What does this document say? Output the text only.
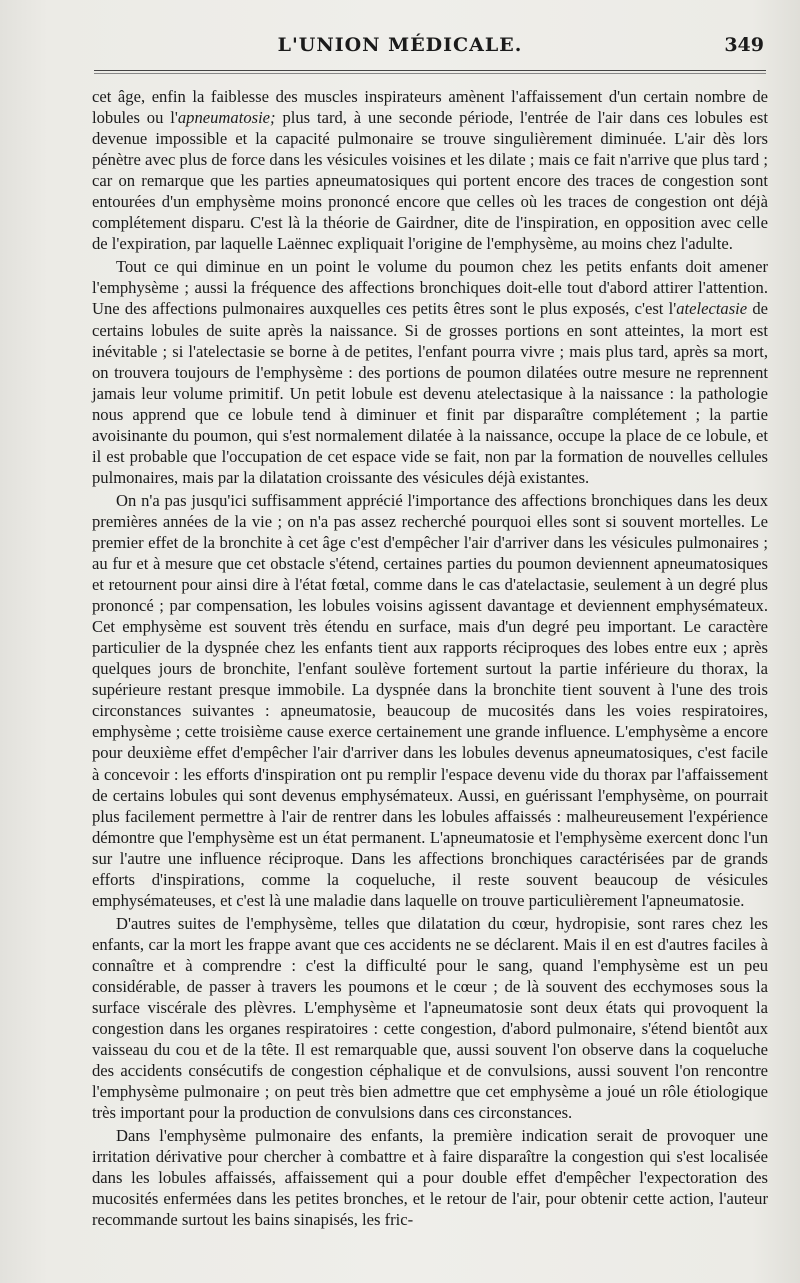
L'UNION MÉDICALE.	349

cet âge, enfin la faiblesse des muscles inspirateurs amènent l'affaissement d'un certain nombre de lobules ou l'apneumatosie; plus tard, à une seconde période, l'entrée de l'air dans ces lobules est devenue impossible et la capacité pulmonaire se trouve singulièrement diminuée. L'air dès lors pénètre avec plus de force dans les vésicules voisines et les dilate ; mais ce fait n'arrive que plus tard ; car on remarque que les parties apneumatosiques qui portent encore des traces de congestion sont entourées d'un emphysème moins prononcé encore que celles où les traces de congestion ont déjà complétement disparu. C'est là la théorie de Gairdner, dite de l'inspiration, en opposition avec celle de l'expiration, par laquelle Laënnec expliquait l'origine de l'emphysème, au moins chez l'adulte.

Tout ce qui diminue en un point le volume du poumon chez les petits enfants doit amener l'emphysème ; aussi la fréquence des affections bronchiques doit-elle tout d'abord attirer l'attention. Une des affections pulmonaires auxquelles ces petits êtres sont le plus exposés, c'est l'atelectasie de certains lobules de suite après la naissance. Si de grosses portions en sont atteintes, la mort est inévitable ; si l'atelectasie se borne à de petites, l'enfant pourra vivre ; mais plus tard, après sa mort, on trouvera toujours de l'emphysème : des portions de poumon dilatées outre mesure ne reprennent jamais leur volume primitif. Un petit lobule est devenu atelectasique à la naissance : la pathologie nous apprend que ce lobule tend à diminuer et finit par disparaître complétement ; la partie avoisinante du poumon, qui s'est normalement dilatée à la naissance, occupe la place de ce lobule, et il est probable que l'occupation de cet espace vide se fait, non par la formation de nouvelles cellules pulmonaires, mais par la dilatation croissante des vésicules déjà existantes.

On n'a pas jusqu'ici suffisamment apprécié l'importance des affections bronchiques dans les deux premières années de la vie ; on n'a pas assez recherché pourquoi elles sont si souvent mortelles. Le premier effet de la bronchite à cet âge c'est d'empêcher l'air d'arriver dans les vésicules pulmonaires ; au fur et à mesure que cet obstacle s'étend, certaines parties du poumon deviennent apneumatosiques et retournent pour ainsi dire à l'état fœtal, comme dans le cas d'atelactasie, seulement à un degré plus prononcé ; par compensation, les lobules voisins agissent davantage et deviennent emphysémateux. Cet emphysème est souvent très étendu en surface, mais d'un degré peu important. Le caractère particulier de la dyspnée chez les enfants tient aux rapports réciproques des lobes entre eux ; après quelques jours de bronchite, l'enfant soulève fortement surtout la partie inférieure du thorax, la supérieure restant presque immobile. La dyspnée dans la bronchite tient souvent à l'une des trois circonstances suivantes : apneumatosie, beaucoup de mucosités dans les voies respiratoires, emphysème ; cette troisième cause exerce certainement une grande influence. L'emphysème a encore pour deuxième effet d'empêcher l'air d'arriver dans les lobules devenus apneumatosiques, c'est facile à concevoir : les efforts d'inspiration ont pu remplir l'espace devenu vide du thorax par l'affaissement de certains lobules qui sont devenus emphysémateux. Aussi, en guérissant l'emphysème, on pourrait plus facilement permettre à l'air de rentrer dans les lobules affaissés : malheureusement l'expérience démontre que l'emphysème est un état permanent. L'apneumatosie et l'emphysème exercent donc l'un sur l'autre une influence réciproque. Dans les affections bronchiques caractérisées par de grands efforts d'inspirations, comme la coqueluche, il reste souvent beaucoup de vésicules emphysémateuses, et c'est là une maladie dans laquelle on trouve particulièrement l'apneumatosie.

D'autres suites de l'emphysème, telles que dilatation du cœur, hydropisie, sont rares chez les enfants, car la mort les frappe avant que ces accidents ne se déclarent. Mais il en est d'autres faciles à connaître et à comprendre : c'est la difficulté pour le sang, quand l'emphysème est un peu considérable, de passer à travers les poumons et le cœur ; de là souvent des ecchymoses sous la surface viscérale des plèvres. L'emphysème et l'apneumatosie sont deux états qui provoquent la congestion dans les organes respiratoires : cette congestion, d'abord pulmonaire, s'étend bientôt aux vaisseau du cou et de la tête. Il est remarquable que, aussi souvent l'on observe dans la coqueluche des accidents consécutifs de congestion céphalique et de convulsions, aussi souvent l'on rencontre l'emphysème pulmonaire ; on peut très bien admettre que cet emphysème a joué un rôle étiologique très important pour la production de convulsions dans ces circonstances.

Dans l'emphysème pulmonaire des enfants, la première indication serait de provoquer une irritation dérivative pour chercher à combattre et à faire disparaître la congestion qui s'est localisée dans les lobules affaissés, affaissement qui a pour double effet d'empêcher l'expectoration des mucosités enfermées dans les petites bronches, et le retour de l'air, pour obtenir cette action, l'auteur recommande surtout les bains sinapisés, les fric-
